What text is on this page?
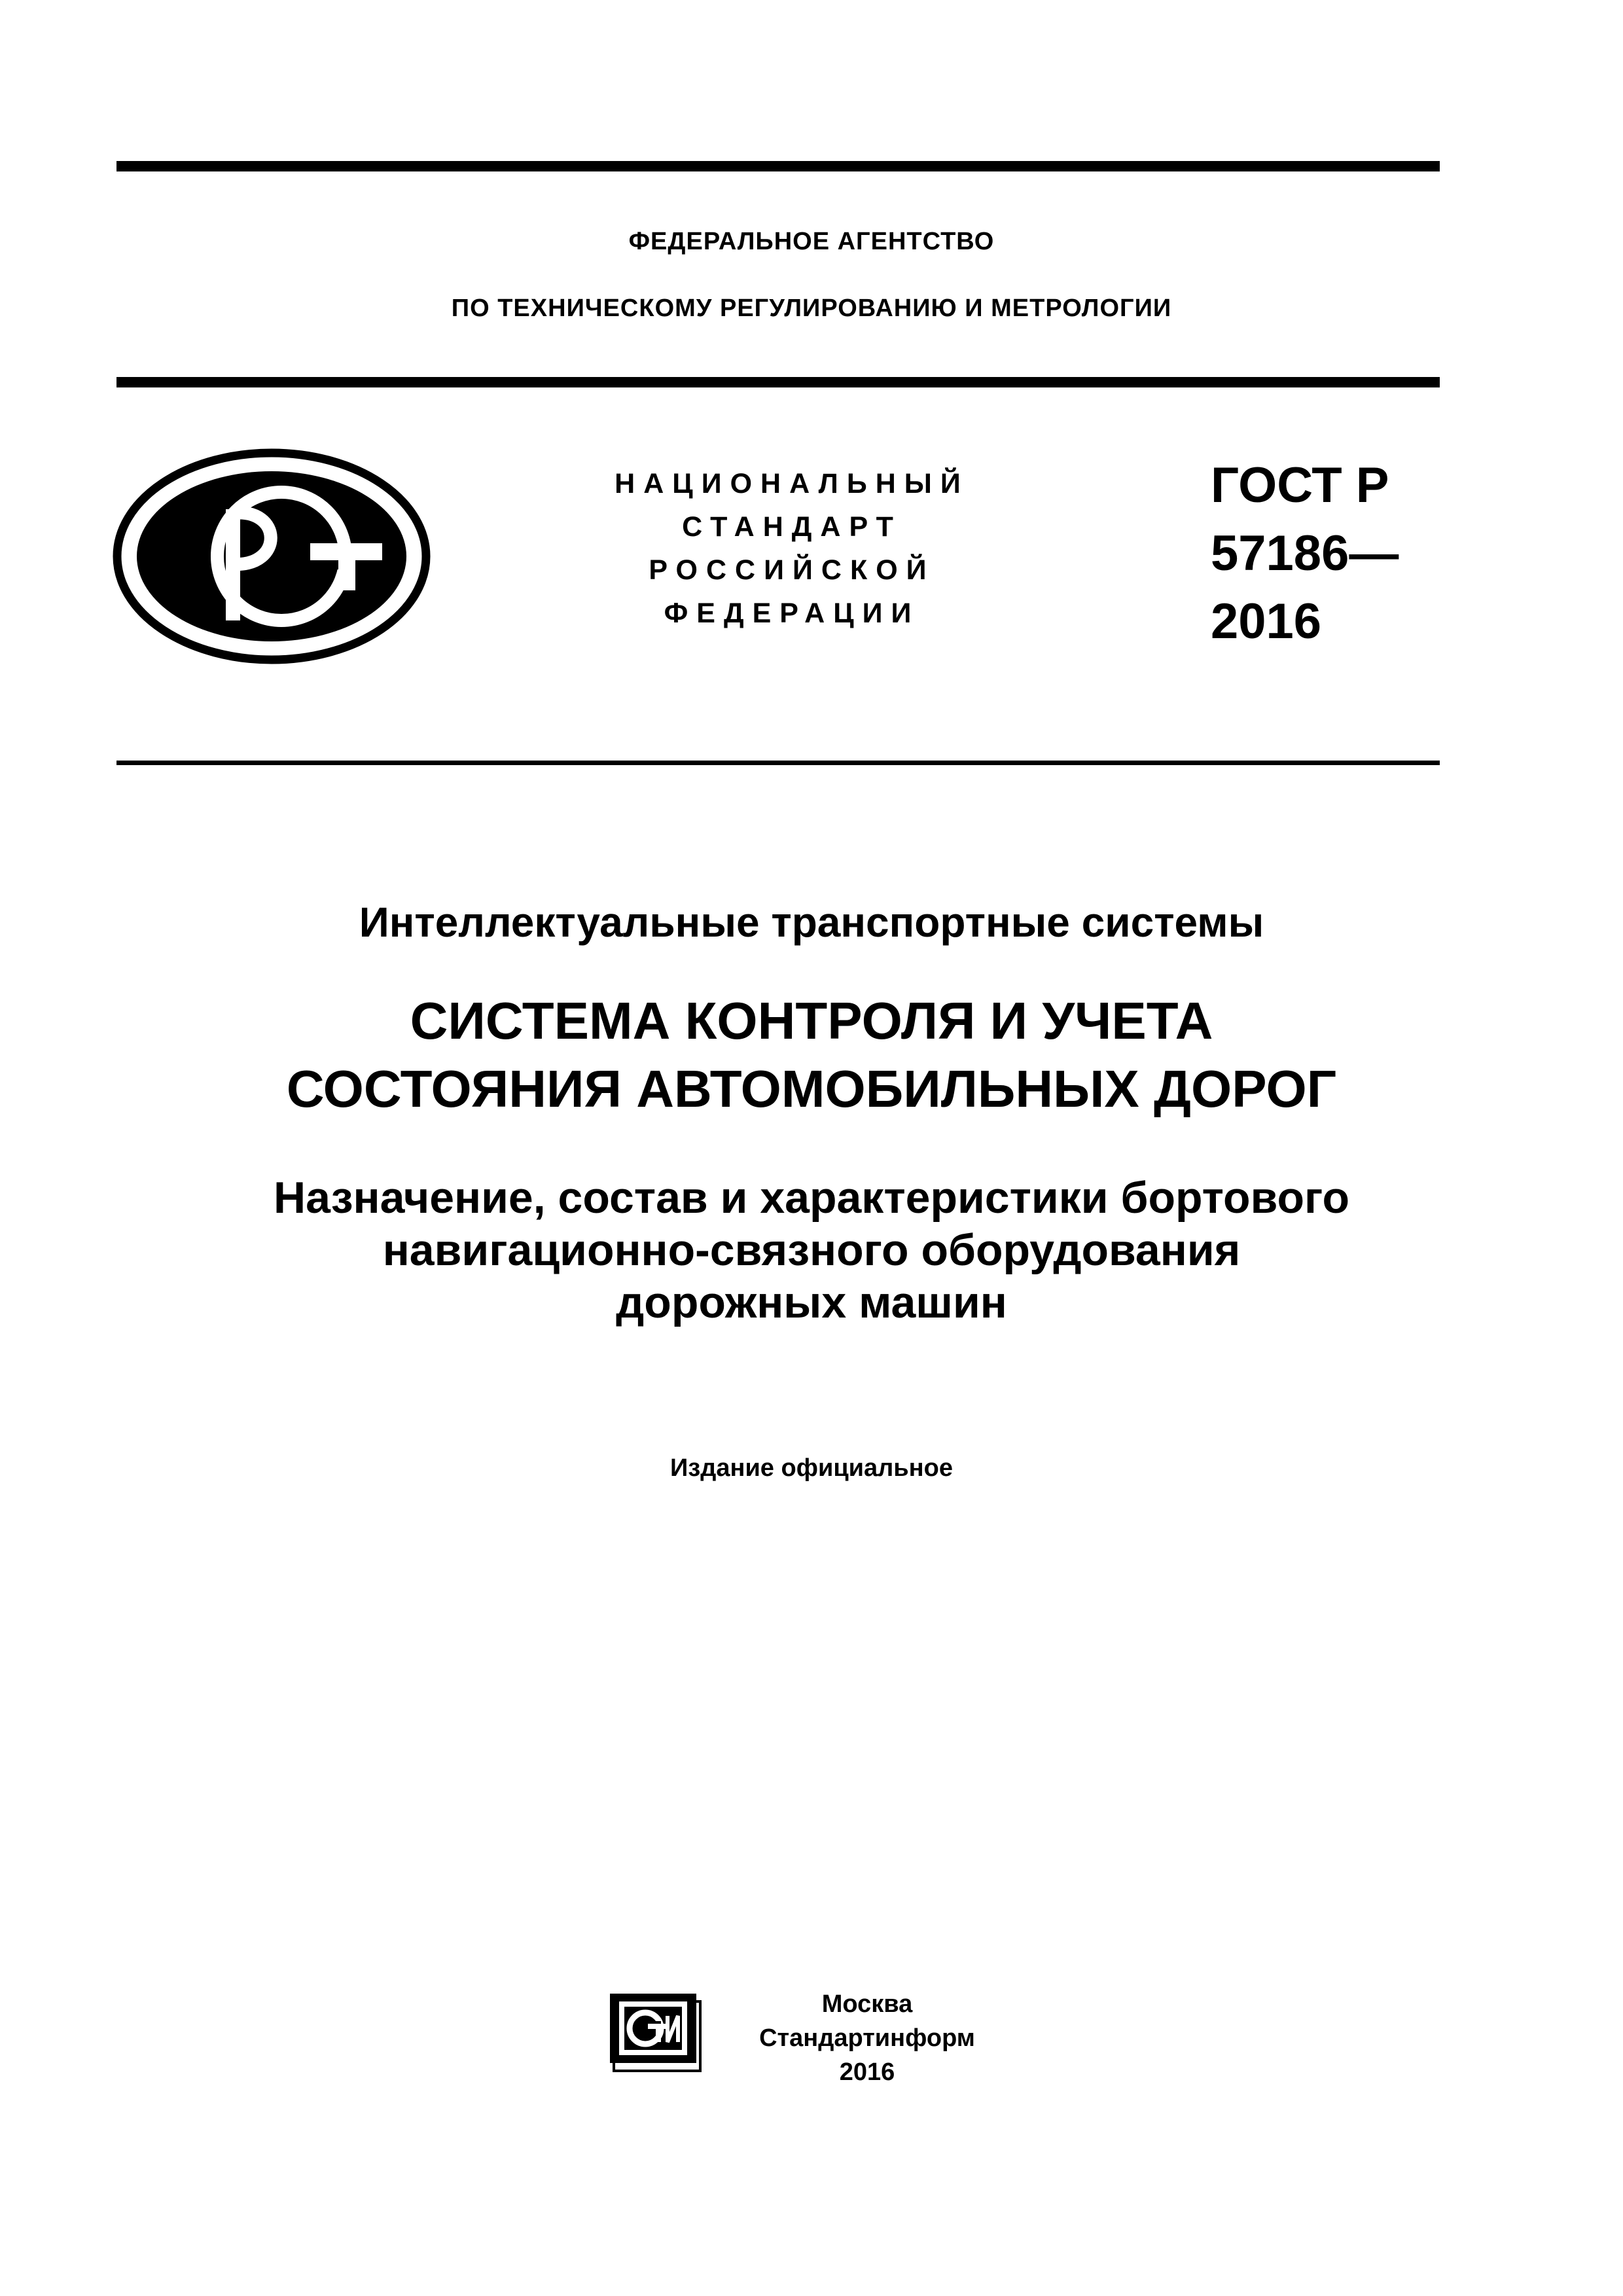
ФЕДЕРАЛЬНОЕ АГЕНТСТВО
ПО ТЕХНИЧЕСКОМУ РЕГУЛИРОВАНИЮ И МЕТРОЛОГИИ
НАЦИОНАЛЬНЫЙ
СТАНДАРТ
РОССИЙСКОЙ
ФЕДЕРАЦИИ
ГОСТ Р
57186—
2016
Интеллектуальные транспортные системы
СИСТЕМА КОНТРОЛЯ И УЧЕТА
СОСТОЯНИЯ АВТОМОБИЛЬНЫХ ДОРОГ
Назначение, состав и характеристики бортового
навигационно-связного оборудования
дорожных машин
Издание официальное
Москва
Стандартинформ
2016
